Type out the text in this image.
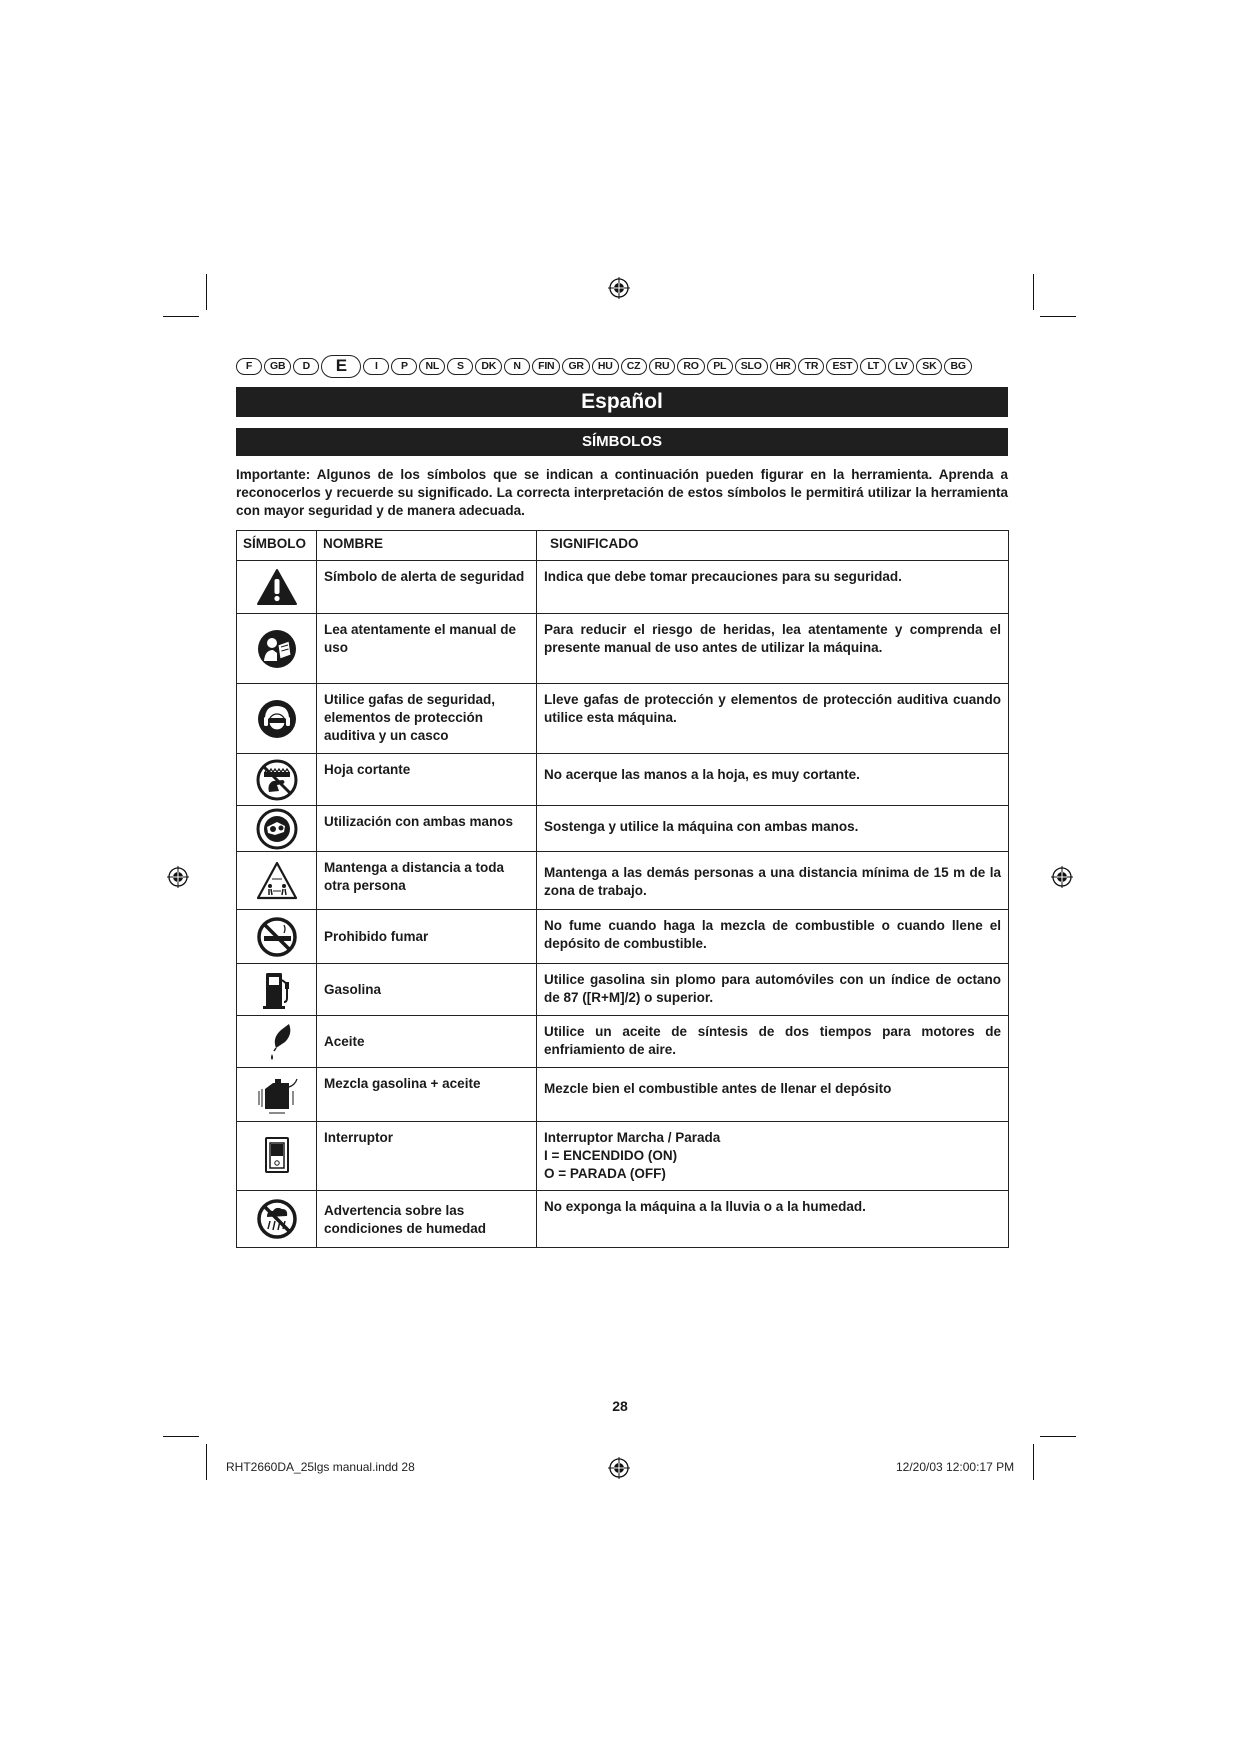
F	GB	D	E	I	P	NL	S	DK	N	FIN	GR	HU	CZ	RU	RO	PL	SLO	HR	TR	EST	LT	LV	SK	BG
Español
SÍMBOLOS

Importante: Algunos de los símbolos que se indican a continuación pueden figurar en la herramienta. Aprenda a reconocerlos y recuerde su significado. La correcta interpretación de estos símbolos le permitirá utilizar la herramienta con mayor seguridad y de manera adecuada.

SÍMBOLO	NOMBRE	SIGNIFICADO

	Símbolo de alerta de seguridad	Indica que debe tomar precauciones para su seguridad.

	Lea atentamente el manual de uso	Para reducir el riesgo de heridas, lea atentamente y comprenda el presente manual de uso antes de utilizar la máquina.

	Utilice gafas de seguridad, elementos de protección auditiva y un casco	Lleve gafas de protección y elementos de protección auditiva cuando utilice esta máquina.

	Hoja cortante	No acerque las manos a la hoja, es muy cortante.

	Utilización con ambas manos	Sostenga y utilice la máquina con ambas manos.

	Mantenga a distancia a toda otra persona	Mantenga a las demás personas a una distancia mínima de 15 m de la zona de trabajo.

	Prohibido fumar	No fume cuando haga la mezcla de combustible o cuando llene el depósito de combustible.

	Gasolina	Utilice gasolina sin plomo para automóviles con un índice de octano de 87 ([R+M]/2) o superior.

	Aceite	Utilice un aceite de síntesis de dos tiempos para motores de enfriamiento de aire.

	Mezcla gasolina + aceite	Mezcle bien el combustible antes de llenar el depósito

	Interruptor	Interruptor Marcha / Parada
I = ENCENDIDO (ON)
O = PARADA (OFF)

	Advertencia sobre las condiciones de humedad	No exponga la máquina a la lluvia o a la humedad.
28
RHT2660DA_25lgs manual.indd 28	12/20/03 12:00:17 PM
